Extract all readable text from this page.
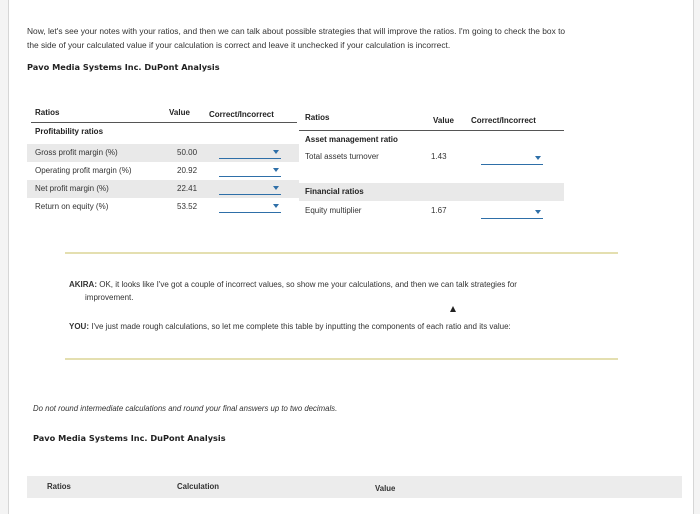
Now, let's see your notes with your ratios, and then we can talk about possible strategies that will improve the ratios. I'm going to check the box to
the side of your calculated value if your calculation is correct and leave it unchecked if your calculation is incorrect.
Pavo Media Systems Inc. DuPont Analysis
Ratios	Value Correct/Incorrect
Profitability ratios
Gross profit margin (%)	50.00
Operating profit margin (%)	20.92
Net profit margin (%)	22.41
Return on equity (%)	53.52
Ratios	Value Correct/Incorrect
Asset management ratio
Total assets turnover	1.43
Financial ratios
Equity multiplier	1.67
AKIRA: OK, it looks like I've got a couple of incorrect values, so show me your calculations, and then we can talk strategies for
improvement.
YOU: I've just made rough calculations, so let me complete this table by inputting the components of each ratio and its value:
Do not round intermediate calculations and round your final answers up to two decimals.
Pavo Media Systems Inc. DuPont Analysis
Ratios	Calculation	Value
